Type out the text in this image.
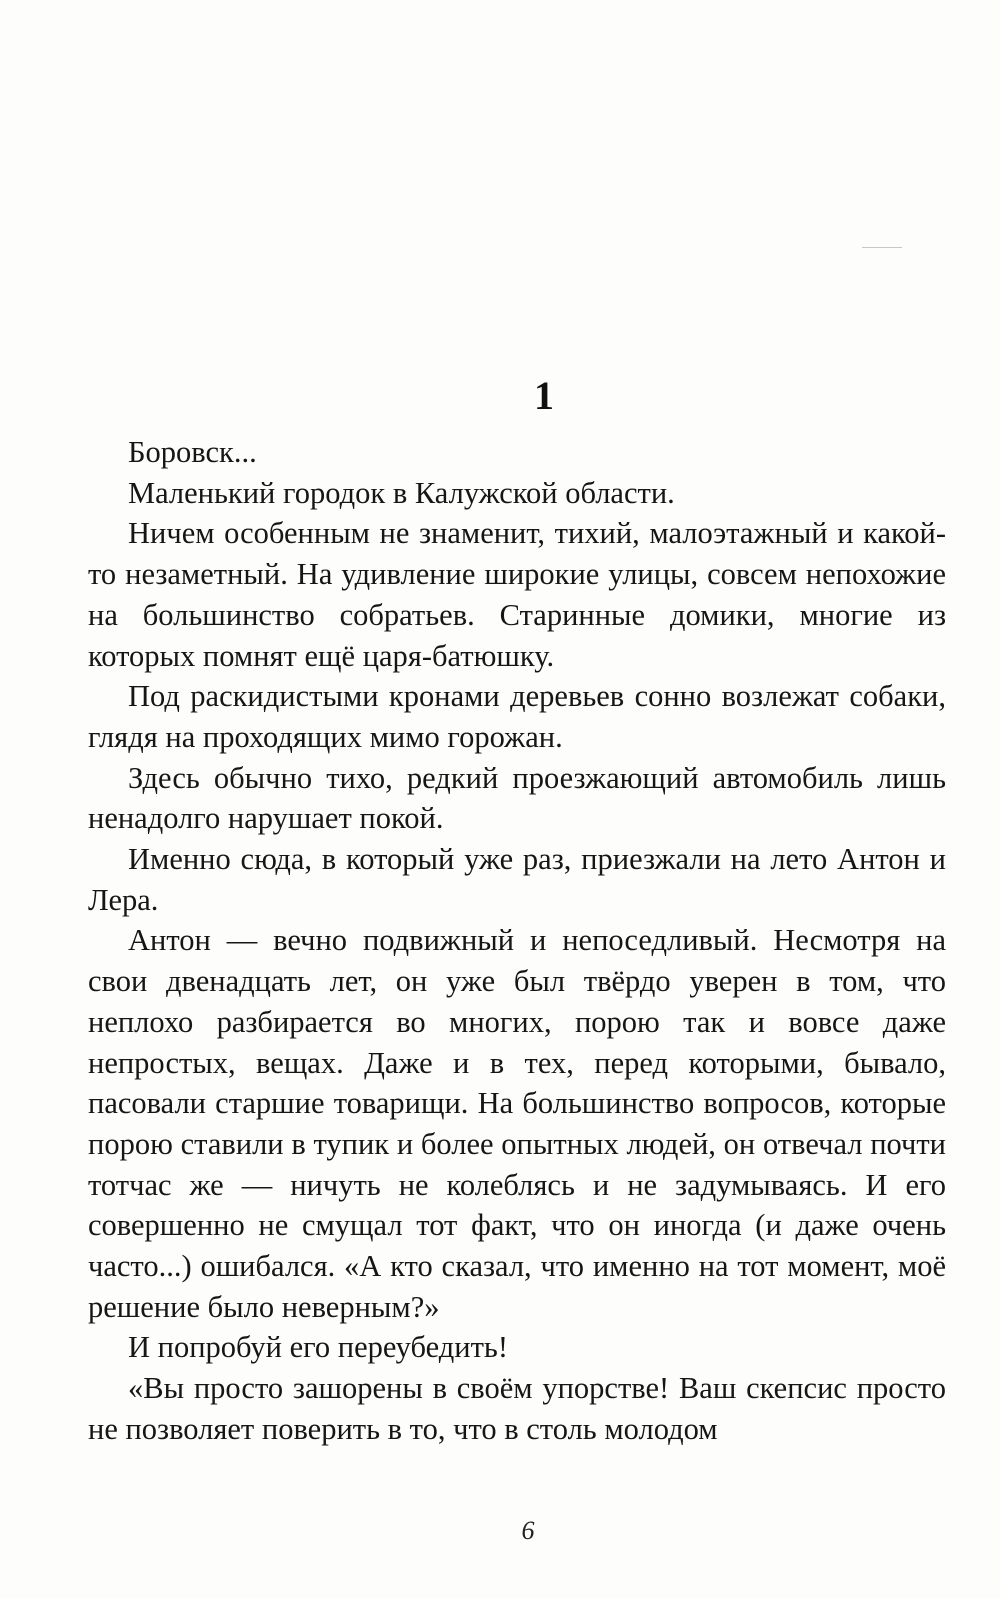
1

Боровск...

Маленький городок в Калужской области.

Ничем особенным не знаменит, тихий, малоэтажный и какой-то незаметный. На удивление широкие улицы, совсем непохожие на большинство собратьев. Старинные домики, многие из которых помнят ещё царя-батюшку.

Под раскидистыми кронами деревьев сонно возлежат собаки, глядя на проходящих мимо горожан.

Здесь обычно тихо, редкий проезжающий автомобиль лишь ненадолго нарушает покой.

Именно сюда, в который уже раз, приезжали на лето Антон и Лера.

Антон — вечно подвижный и непоседливый. Несмотря на свои двенадцать лет, он уже был твёрдо уверен в том, что неплохо разбирается во многих, порою так и вовсе даже непростых, вещах. Даже и в тех, перед которыми, бывало, пасовали старшие товарищи. На большинство вопросов, которые порою ставили в тупик и более опытных людей, он отвечал почти тотчас же — ничуть не колеблясь и не задумываясь. И его совершенно не смущал тот факт, что он иногда (и даже очень часто...) ошибался. «А кто сказал, что именно на тот момент, моё решение было неверным?»

И попробуй его переубедить!

«Вы просто зашорены в своём упорстве! Ваш скепсис просто не позволяет поверить в то, что в столь молодом

6
